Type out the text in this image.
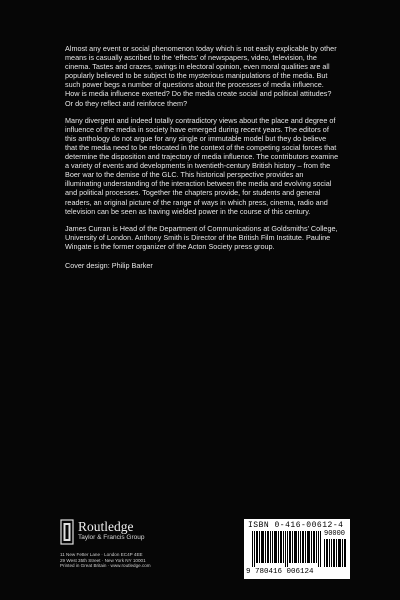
Almost any event or social phenomenon today which is not easily explicable by other means is casually ascribed to the ‘effects’ of newspapers, video, television, the cinema. Tastes and crazes, swings in electoral opinion, even moral qualities are all popularly believed to be subject to the mysterious manipulations of the media. But such power begs a number of questions about the processes of media influence. How is media influence exerted? Do the media create social and political attitudes? Or do they reflect and reinforce them?

Many divergent and indeed totally contradictory views about the place and degree of influence of the media in society have emerged during recent years. The editors of this anthology do not argue for any single or immutable model but they do believe that the media need to be relocated in the context of the competing social forces that determine the disposition and trajectory of media influence. The contributors examine a variety of events and developments in twentieth-century British history – from the Boer war to the demise of the GLC. This historical perspective provides an illuminating understanding of the interaction between the media and evolving social and political processes. Together the chapters provide, for students and general readers, an original picture of the range of ways in which press, cinema, radio and television can be seen as having wielded power in the course of this century.

James Curran is Head of the Department of Communications at Goldsmiths’ College, University of London. Anthony Smith is Director of the British Film Institute. Pauline Wingate is the former organizer of the Acton Society press group.

Cover design: Philip Barker

Routledge
Taylor & Francis Group
11 New Fetter Lane · London EC4P 4EE
29 West 35th Street · New York NY 10001
Printed in Great Britain · www.routledge.com
ISBN 0-416-00612-4
90000
9 780416 006124
